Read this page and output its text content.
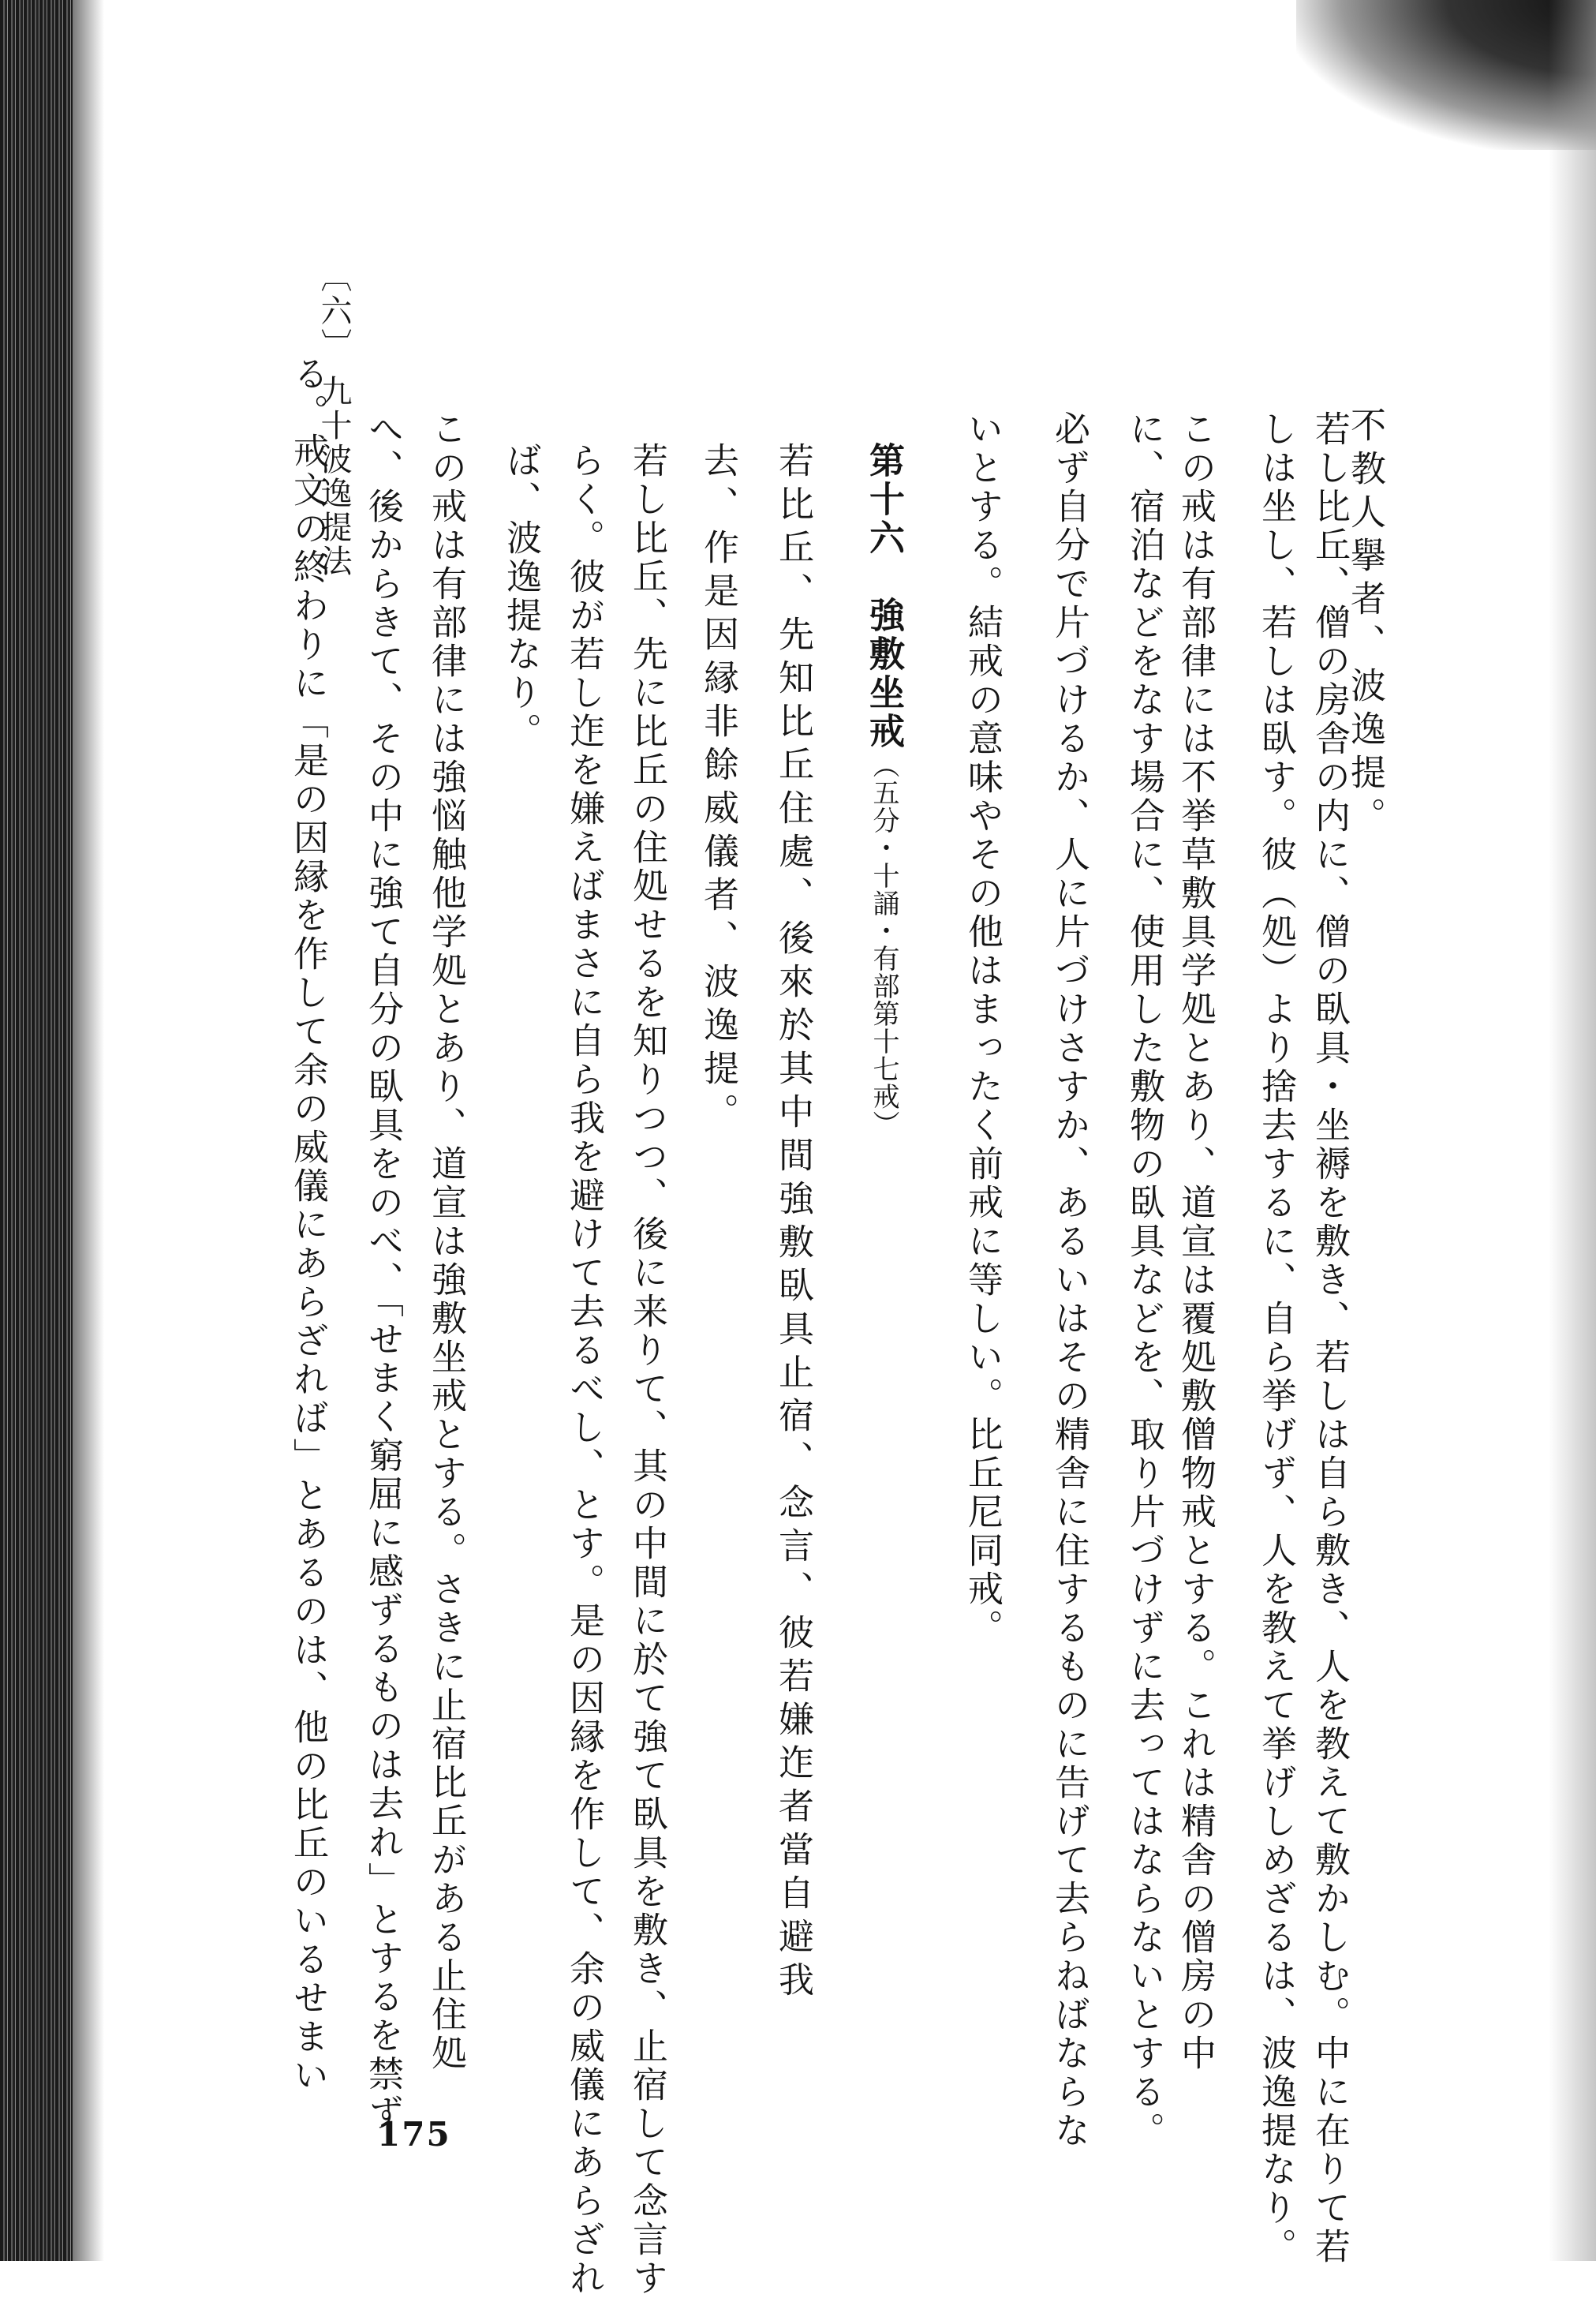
〔六〕 九十波逸提法	不教人擧者、波逸提。
若し比丘、僧の房舎の内に、僧の臥具・坐褥を敷き、若しは自ら敷き、人を教えて敷かしむ。中に在りて若
しは坐し、若しは臥す。彼（処）より捨去するに、自ら挙げず、人を教えて挙げしめざるは、波逸提なり。
この戒は有部律には不挙草敷具学処とあり、道宣は覆処敷僧物戒とする。これは精舎の僧房の中
に、宿泊などをなす場合に、使用した敷物の臥具などを、取り片づけずに去ってはならないとする。
必ず自分で片づけるか、人に片づけさすか、あるいはその精舎に住するものに告げて去らねばならな
いとする。結戒の意味やその他はまったく前戒に等しい。比丘尼同戒。
第十六　強敷坐戒（五分・十誦・有部第十七戒）
若比丘、先知比丘住處、後來於其中間強敷臥具止宿、念言、彼若嫌迮者當自避我
去、作是因縁非餘威儀者、波逸提。
若し比丘、先に比丘の住処せるを知りつつ、後に来りて、其の中間に於て強て臥具を敷き、止宿して念言す
らく。彼が若し迮を嫌えばまさに自ら我を避けて去るべし、とす。是の因縁を作して、余の威儀にあらざれ
ば、波逸提なり。
この戒は有部律には強悩触他学処とあり、道宣は強敷坐戒とする。さきに止宿比丘がある止住処
へ、後からきて、その中に強て自分の臥具をのべ、「せまく窮屈に感ずるものは去れ」とするを禁ず
る。戒文の終わりに「是の因縁を作して余の威儀にあらざれば」とあるのは、他の比丘のいるせまい
175
